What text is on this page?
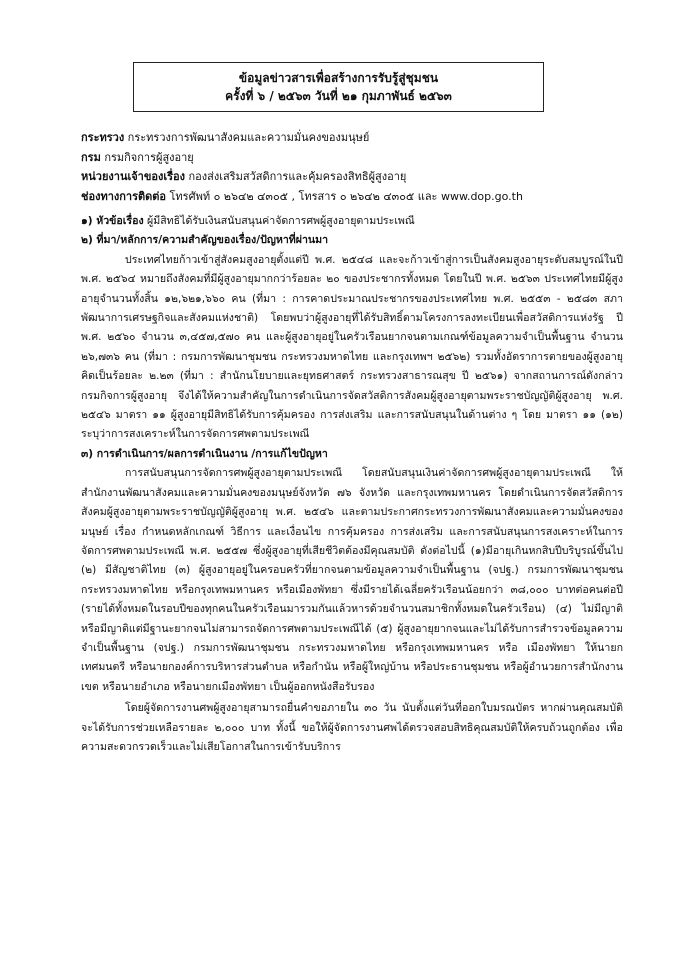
ข้อมูลข่าวสารเพื่อสร้างการรับรู้สู่ชุมชน
ครั้งที่ ๖ / ๒๕๖๓ วันที่ ๒๑ กุมภาพันธ์ ๒๕๖๓
กระทรวง กระทรวงการพัฒนาสังคมและความมั่นคงของมนุษย์
กรม กรมกิจการผู้สูงอายุ
หน่วยงานเจ้าของเรื่อง กองส่งเสริมสวัสดิการและคุ้มครองสิทธิผู้สูงอายุ
ช่องทางการติดต่อ โทรศัพท์ ๐ ๒๖๔๒ ๔๓๐๕ , โทรสาร ๐ ๒๖๔๒ ๔๓๐๕ และ www.dop.go.th
๑) หัวข้อเรื่อง ผู้มีสิทธิได้รับเงินสนับสนุนค่าจัดการศพผู้สูงอายุตามประเพณี
๒) ที่มา/หลักการ/ความสำคัญของเรื่อง/ปัญหาที่ผ่านมา

ประเทศไทยก้าวเข้าสู่สังคมสูงอายุตั้งแต่ปี พ.ศ. ๒๕๔๘ และจะก้าวเข้าสู่การเป็นสังคมสูงอายุระดับสมบูรณ์ในปี พ.ศ. ๒๕๖๔ หมายถึงสังคมที่มีผู้สูงอายุมากกว่าร้อยละ ๒๐ ของประชากรทั้งหมด โดยในปี พ.ศ. ๒๕๖๓ ประเทศไทยมีผู้สูงอายุจำนวนทั้งสิ้น ๑๒,๖๒๑,๖๖๐ คน (ที่มา : การคาดประมาณประชากรของประเทศไทย พ.ศ. ๒๕๕๓ - ๒๕๘๓ สภาพัฒนาการเศรษฐกิจและสังคมแห่งชาติ) โดยพบว่าผู้สูงอายุที่ได้รับสิทธิ์ตามโครงการลงทะเบียนเพื่อสวัสดิการแห่งรัฐ ปี พ.ศ. ๒๕๖๐ จำนวน ๓,๔๕๗,๕๗๐ คน และผู้สูงอายุอยู่ในครัวเรือนยากจนตามเกณฑ์ข้อมูลความจำเป็นพื้นฐาน จำนวน ๒๖,๗๓๖ คน (ที่มา : กรมการพัฒนาชุมชน กระทรวงมหาดไทย และกรุงเทพฯ ๒๕๖๒) รวมทั้งอัตราการตายของผู้สูงอายุ คิดเป็นร้อยละ ๒.๒๓ (ที่มา : สำนักนโยบายและยุทธศาสตร์ กระทรวงสาธารณสุข ปี ๒๕๖๑) จากสถานการณ์ดังกล่าว กรมกิจการผู้สูงอายุ จึงได้ให้ความสำคัญในการดำเนินการจัดสวัสดิการสังคมผู้สูงอายุตามพระราชบัญญัติผู้สูงอายุ พ.ศ. ๒๕๔๖ มาตรา ๑๑ ผู้สูงอายุมีสิทธิได้รับการคุ้มครอง การส่งเสริม และการสนับสนุนในด้านต่าง ๆ โดย มาตรา ๑๑ (๑๒) ระบุว่าการสงเคราะห์ในการจัดการศพตามประเพณี

๓) การดำเนินการ/ผลการดำเนินงาน /การแก้ไขปัญหา

การสนับสนุนการจัดการศพผู้สูงอายุตามประเพณี โดยสนับสนุนเงินค่าจัดการศพผู้สูงอายุตามประเพณี ให้สำนักงานพัฒนาสังคมและความมั่นคงของมนุษย์จังหวัด ๗๖ จังหวัด และกรุงเทพมหานคร โดยดำเนินการจัดสวัสดิการสังคมผู้สูงอายุตามพระราชบัญญัติผู้สูงอายุ พ.ศ. ๒๕๔๖ และตามประกาศกระทรวงการพัฒนาสังคมและความมั่นคงของมนุษย์ เรื่อง กำหนดหลักเกณฑ์ วิธีการ และเงื่อนไข การคุ้มครอง การส่งเสริม และการสนับสนุนการสงเคราะห์ในการจัดการศพตามประเพณี พ.ศ. ๒๕๕๗ ซึ่งผู้สูงอายุที่เสียชีวิตต้องมีคุณสมบัติ ดังต่อไปนี้ (๑)มีอายุเกินหกสิบปีบริบูรณ์ขึ้นไป (๒) มีสัญชาติไทย (๓) ผู้สูงอายุอยู่ในครอบครัวที่ยากจนตามข้อมูลความจำเป็นพื้นฐาน (จปฐ.) กรมการพัฒนาชุมชน กระทรวงมหาดไทย หรือกรุงเทพมหานคร หรือเมืองพัทยา ซึ่งมีรายได้เฉลี่ยครัวเรือนน้อยกว่า ๓๘,๐๐๐ บาทต่อคนต่อปี (รายได้ทั้งหมดในรอบปีของทุกคนในครัวเรือนมารวมกันแล้วหารด้วยจำนวนสมาชิกทั้งหมดในครัวเรือน) (๔) ไม่มีญาติ หรือมีญาติแต่มีฐานะยากจนไม่สามารถจัดการศพตามประเพณีได้ (๕) ผู้สูงอายุยากจนและไม่ได้รับการสำรวจข้อมูลความจำเป็นพื้นฐาน (จปฐ.) กรมการพัฒนาชุมชน กระทรวงมหาดไทย หรือกรุงเทพมหานคร หรือ เมืองพัทยา ให้นายกเทศมนตรี หรือนายกองค์การบริหารส่วนตำบล หรือกำนัน หรือผู้ใหญ่บ้าน หรือประธานชุมชน หรือผู้อำนวยการสำนักงานเขต หรือนายอำเภอ หรือนายกเมืองพัทยา เป็นผู้ออกหนังสือรับรอง

โดยผู้จัดการงานศพผู้สูงอายุสามารถยื่นคำขอภายใน ๓๐ วัน นับตั้งแต่วันที่ออกใบมรณบัตร หากผ่านคุณสมบัติ จะได้รับการช่วยเหลือรายละ ๒,๐๐๐ บาท ทั้งนี้ ขอให้ผู้จัดการงานศพได้ตรวจสอบสิทธิคุณสมบัติให้ครบถ้วนถูกต้อง เพื่อความสะดวกรวดเร็วและไม่เสียโอกาสในการเข้ารับบริการ
